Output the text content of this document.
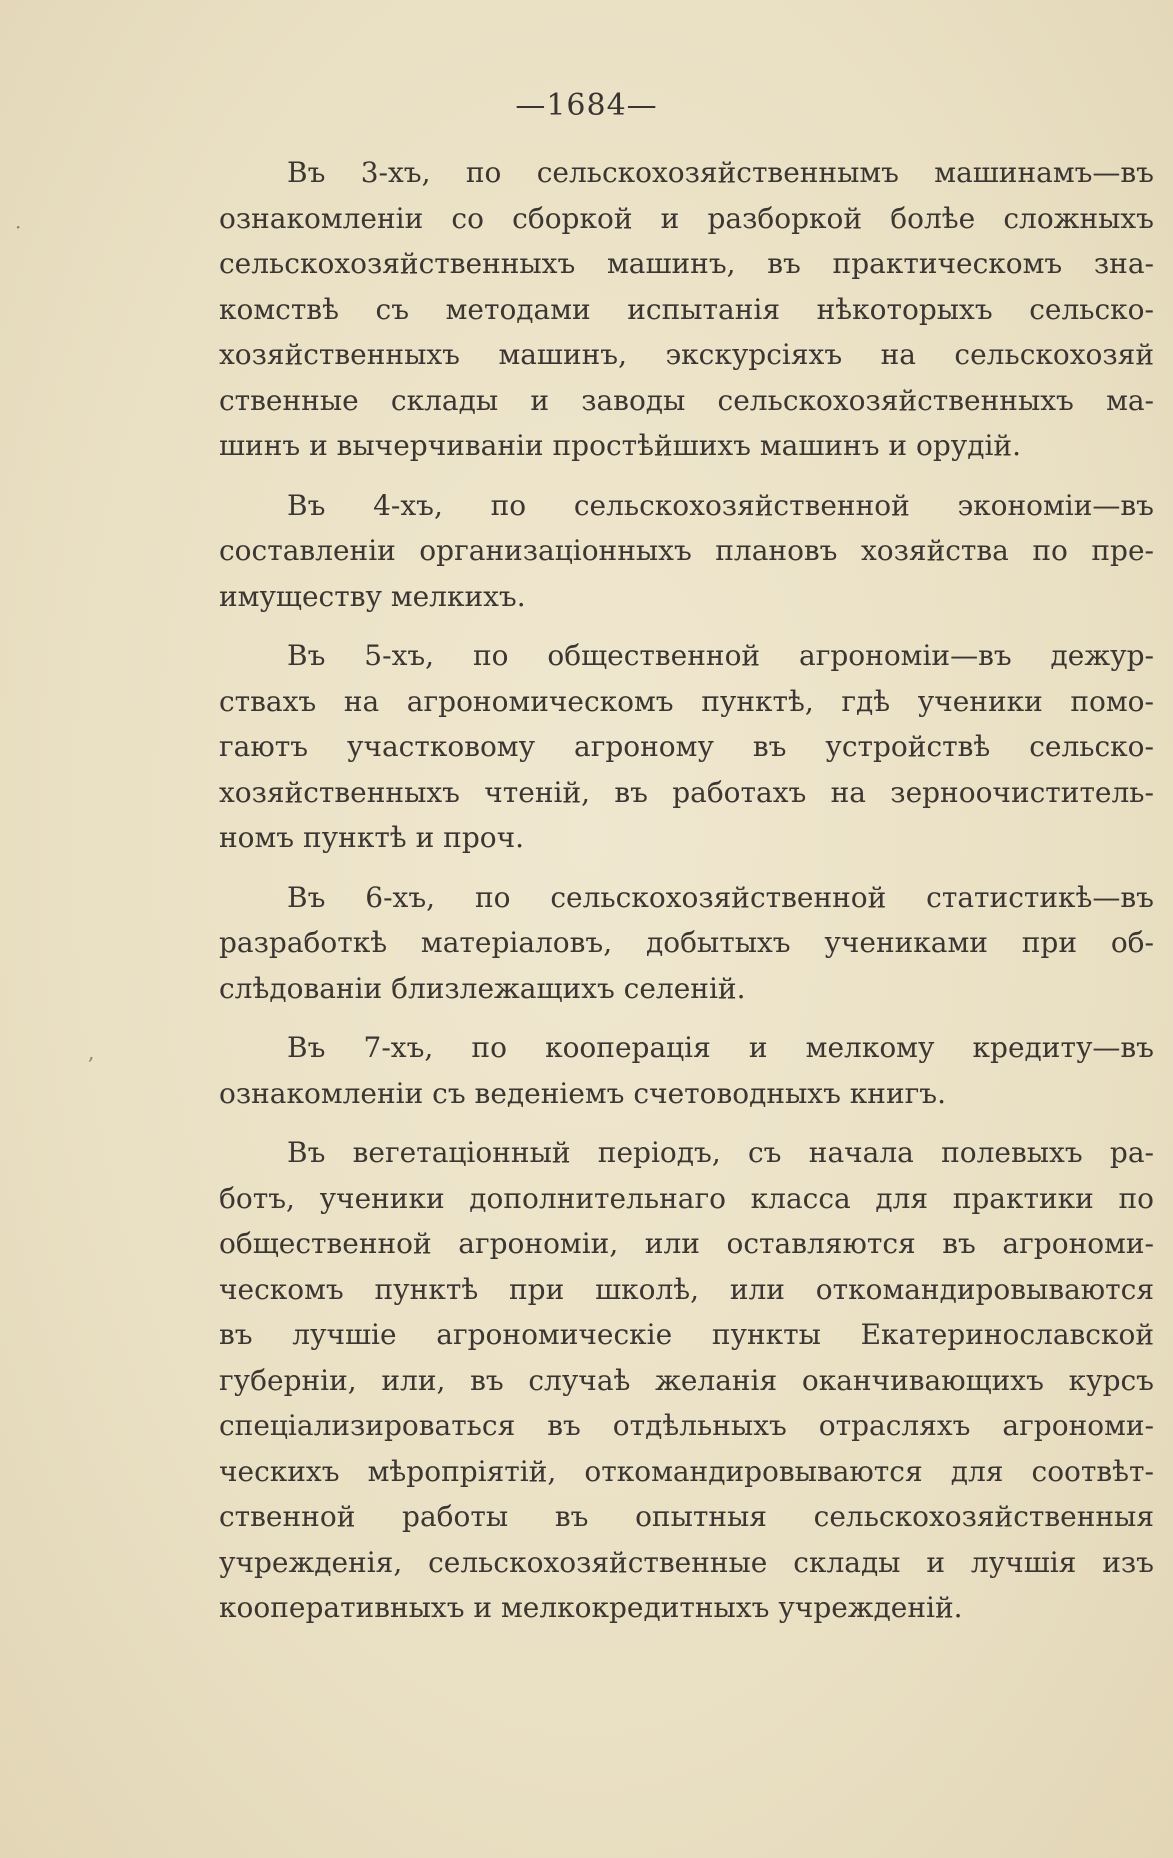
—1684—
Въ 3-хъ, по сельскохозяйственнымъ машинамъ—въ
ознакомленіи со сборкой и разборкой болѣе сложныхъ
сельскохозяйственныхъ машинъ, въ практическомъ зна-
комствѣ съ методами испытанія нѣкоторыхъ сельско-
хозяйственныхъ машинъ, экскурсіяхъ на сельскохозяй
ственные склады и заводы сельскохозяйственныхъ ма-
шинъ и вычерчиваніи простѣйшихъ машинъ и орудій.
Въ 4-хъ, по сельскохозяйственной экономіи—въ
составленіи организаціонныхъ плановъ хозяйства по пре-
имуществу мелкихъ.
Въ 5-хъ, по общественной агрономіи—въ дежур-
ствахъ на агрономическомъ пунктѣ, гдѣ ученики помо-
гаютъ участковому агроному въ устройствѣ сельско-
хозяйственныхъ чтеній, въ работахъ на зерноочиститель-
номъ пунктѣ и проч.
Въ 6-хъ, по сельскохозяйственной статистикѣ—въ
разработкѣ матеріаловъ, добытыхъ учениками при об-
слѣдованіи близлежащихъ селеній.
Въ 7-хъ, по кооперація и мелкому кредиту—въ
ознакомленіи съ веденіемъ счетоводныхъ книгъ.
Въ вегетаціонный періодъ, съ начала полевыхъ ра-
ботъ, ученики дополнительнаго класса для практики по
общественной агрономіи, или оставляются въ агрономи-
ческомъ пунктѣ при школѣ, или откомандировываются
въ лучшіе агрономическіе пункты Екатеринославской
губерніи, или, въ случаѣ желанія оканчивающихъ курсъ
спеціализироваться въ отдѣльныхъ отрасляхъ агрономи-
ческихъ мѣропріятій, откомандировываются для соотвѣт-
ственной работы въ опытныя сельскохозяйственныя
учрежденія, сельскохозяйственные склады и лучшія изъ
кооперативныхъ и мелкокредитныхъ учрежденій.
·
,
